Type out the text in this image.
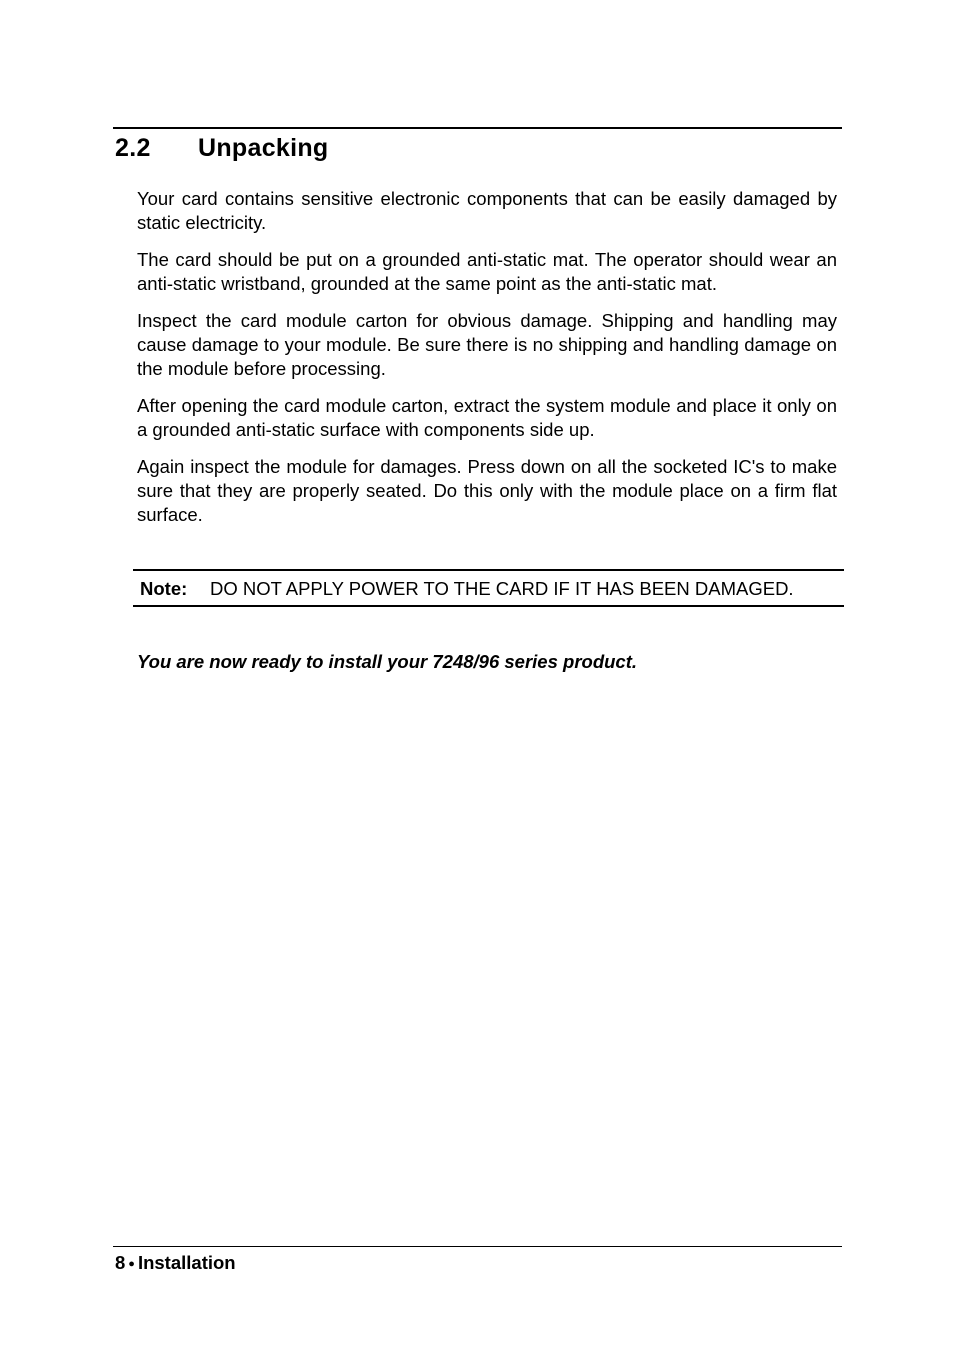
2.2 Unpacking

Your card contains sensitive electronic components that can be easily damaged by static electricity.

The card should be put on a grounded anti-static mat. The operator should wear an anti-static wristband, grounded at the same point as the anti-static mat.

Inspect the card module carton for obvious damage. Shipping and handling may cause damage to your module. Be sure there is no shipping and handling damage on the module before processing.

After opening the card module carton, extract the system module and place it only on a grounded anti-static surface with components side up.

Again inspect the module for damages. Press down on all the socketed IC's to make sure that they are properly seated. Do this only with the module place on a firm flat surface.

Note:	DO NOT APPLY POWER TO THE CARD IF IT HAS BEEN DAMAGED.
You are now ready to install your 7248/96 series product.
8 ● Installation
